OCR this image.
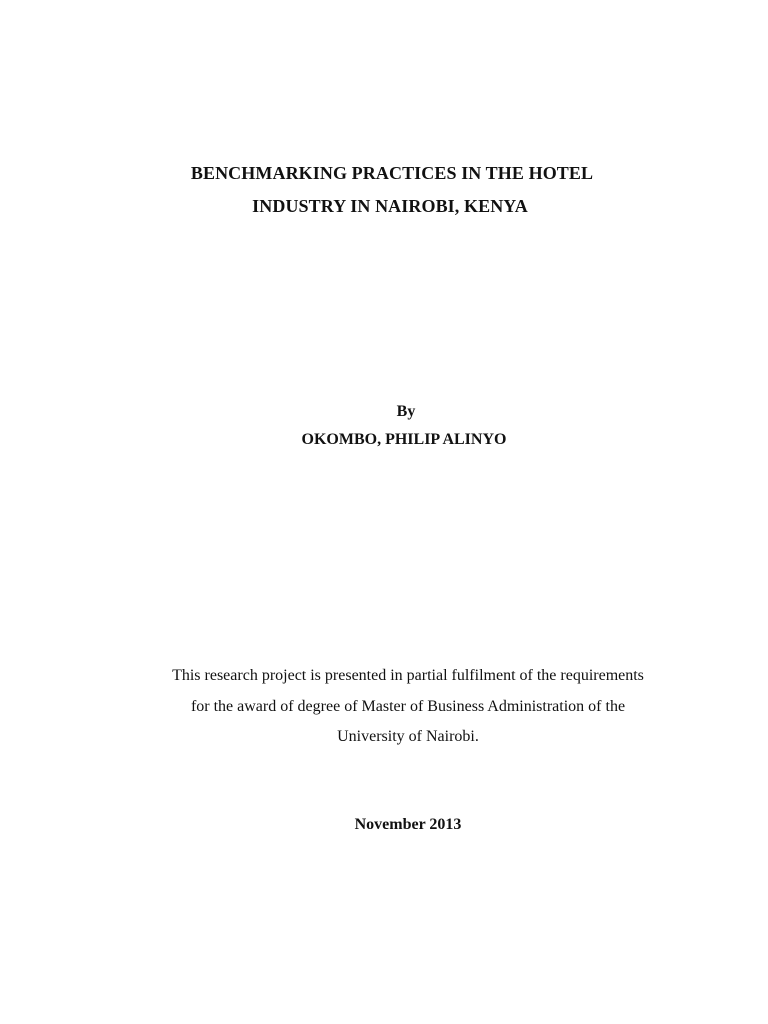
BENCHMARKING PRACTICES IN THE HOTEL
INDUSTRY IN NAIROBI, KENYA
By
OKOMBO, PHILIP ALINYO
This research project is presented in partial fulfilment of the requirements
for the award of degree of Master of Business Administration of the
University of Nairobi.
November 2013
